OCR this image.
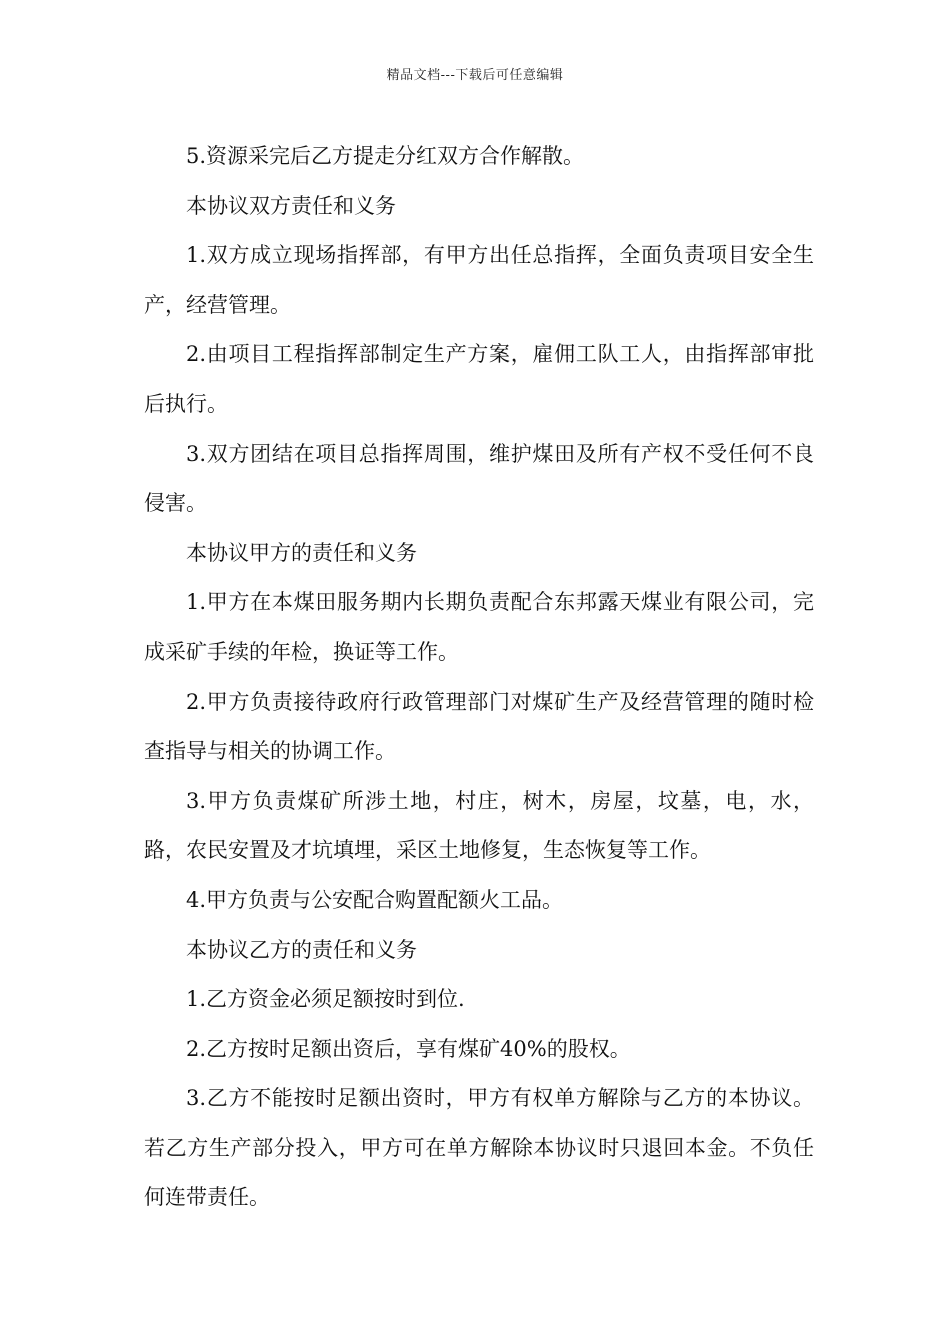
精品文档---下载后可任意编辑

5.资源采完后乙方提走分红双方合作解散。

本协议双方责任和义务

1.双方成立现场指挥部，有甲方出任总指挥，全面负责项目安全生产，经营管理。

2.由项目工程指挥部制定生产方案，雇佣工队工人，由指挥部审批后执行。

3.双方团结在项目总指挥周围，维护煤田及所有产权不受任何不良侵害。

本协议甲方的责任和义务

1.甲方在本煤田服务期内长期负责配合东邦露天煤业有限公司，完成采矿手续的年检，换证等工作。

2.甲方负责接待政府行政管理部门对煤矿生产及经营管理的随时检查指导与相关的协调工作。

3.甲方负责煤矿所涉土地，村庄，树木，房屋，坟墓，电，水，路，农民安置及才坑填埋，采区土地修复，生态恢复等工作。

4.甲方负责与公安配合购置配额火工品。

本协议乙方的责任和义务

1.乙方资金必须足额按时到位.

2.乙方按时足额出资后，享有煤矿40%的股权。

3.乙方不能按时足额出资时，甲方有权单方解除与乙方的本协议。若乙方生产部分投入，甲方可在单方解除本协议时只退回本金。不负任何连带责任。
